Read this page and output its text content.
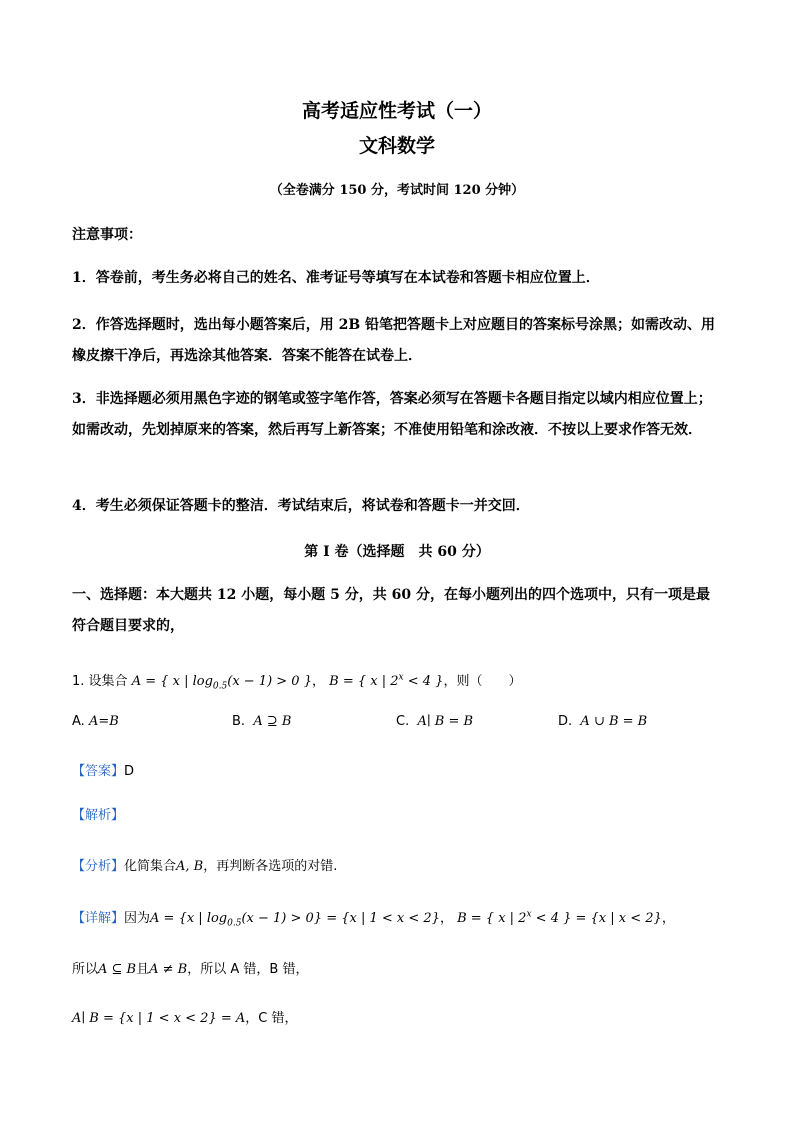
高考适应性考试（一）
文科数学
（全卷满分 150 分，考试时间 120 分钟）
注意事项：
1．答卷前，考生务必将自己的姓名、准考证号等填写在本试卷和答题卡相应位置上．
2．作答选择题时，选出每小题答案后，用 2B 铅笔把答题卡上对应题目的答案标号涂黑；如需改动、用橡皮擦干净后，再选涂其他答案．答案不能答在试卷上．
3．非选择题必须用黑色字迹的钢笔或签字笔作答，答案必须写在答题卡各题目指定以域内相应位置上；如需改动，先划掉原来的答案，然后再写上新答案；不准使用铅笔和涂改液．不按以上要求作答无效．
4．考生必须保证答题卡的整洁．考试结束后，将试卷和答题卡一并交回．
第 I 卷（选择题　共 60 分）
一、选择题：本大题共 12 小题，每小题 5 分，共 60 分，在每小题列出的四个选项中，只有一项是最符合题目要求的，
1. 设集合 A = { x | $\log_{0.5}(x - 1) > 0$ }， B = { x | $2^x < 4$ }，则（　　）
A. A=B	B. A ⊇ B	C. A∣ B = B	D. A ∪ B = B
【答案】D
【解析】
【分析】化简集合A, B，再判断各选项的对错.
【详解】因为A = {x | $\log_{0.5}(x - 1) > 0\} = \{x$ | 1 < x < 2}， B = { x | $2^x < 4$ } = {x | x < 2}，
所以A ⊆ B且A ≠ B，所以 A 错，B 错，
A∣ B = {x | 1 < x < 2} = A，C 错，
